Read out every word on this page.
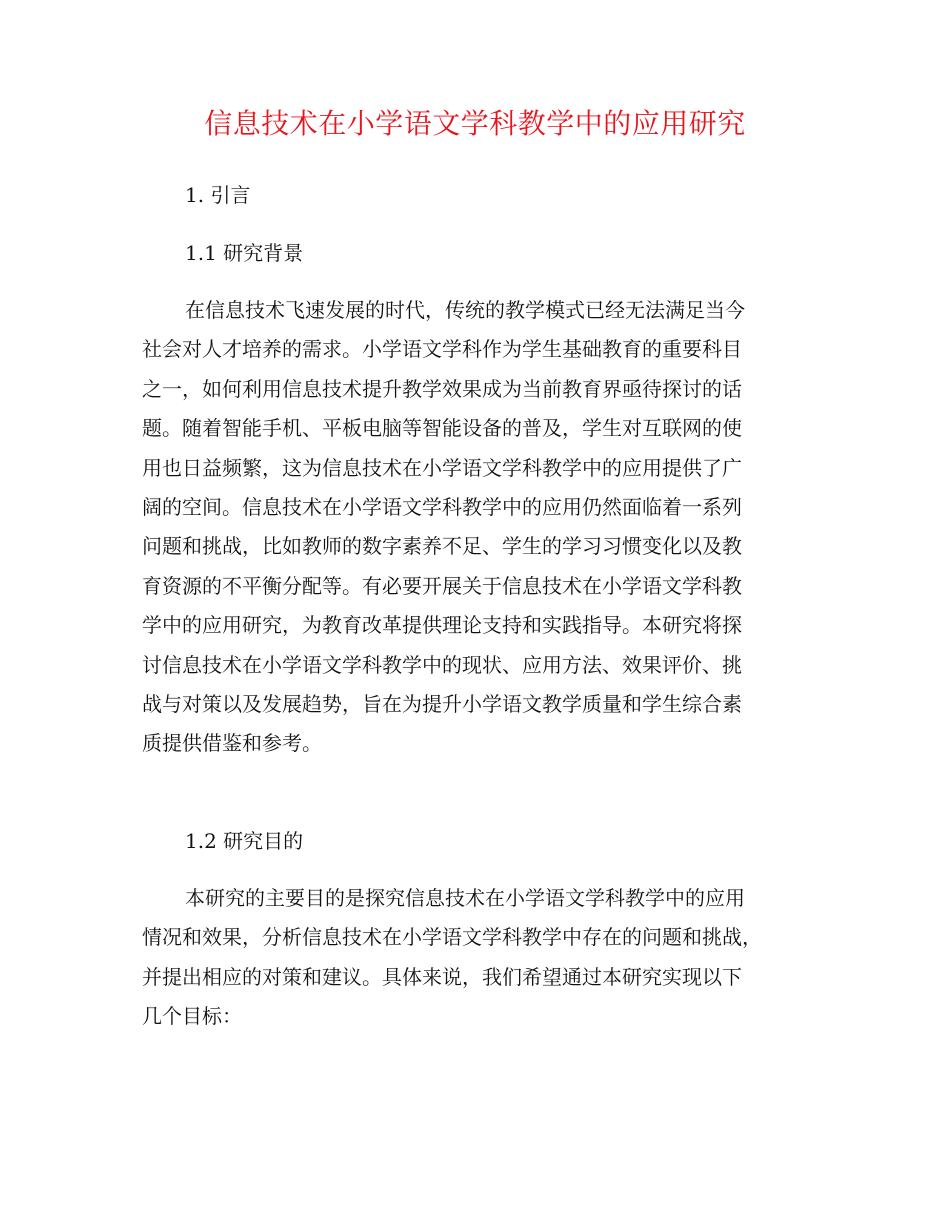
信息技术在小学语文学科教学中的应用研究
1. 引言
1.1 研究背景
在信息技术飞速发展的时代，传统的教学模式已经无法满足当今
社会对人才培养的需求。小学语文学科作为学生基础教育的重要科目
之一，如何利用信息技术提升教学效果成为当前教育界亟待探讨的话
题。随着智能手机、平板电脑等智能设备的普及，学生对互联网的使
用也日益频繁，这为信息技术在小学语文学科教学中的应用提供了广
阔的空间。信息技术在小学语文学科教学中的应用仍然面临着一系列
问题和挑战，比如教师的数字素养不足、学生的学习习惯变化以及教
育资源的不平衡分配等。有必要开展关于信息技术在小学语文学科教
学中的应用研究，为教育改革提供理论支持和实践指导。本研究将探
讨信息技术在小学语文学科教学中的现状、应用方法、效果评价、挑
战与对策以及发展趋势，旨在为提升小学语文教学质量和学生综合素
质提供借鉴和参考。
1.2 研究目的
本研究的主要目的是探究信息技术在小学语文学科教学中的应用
情况和效果，分析信息技术在小学语文学科教学中存在的问题和挑战，
并提出相应的对策和建议。具体来说，我们希望通过本研究实现以下
几个目标：
